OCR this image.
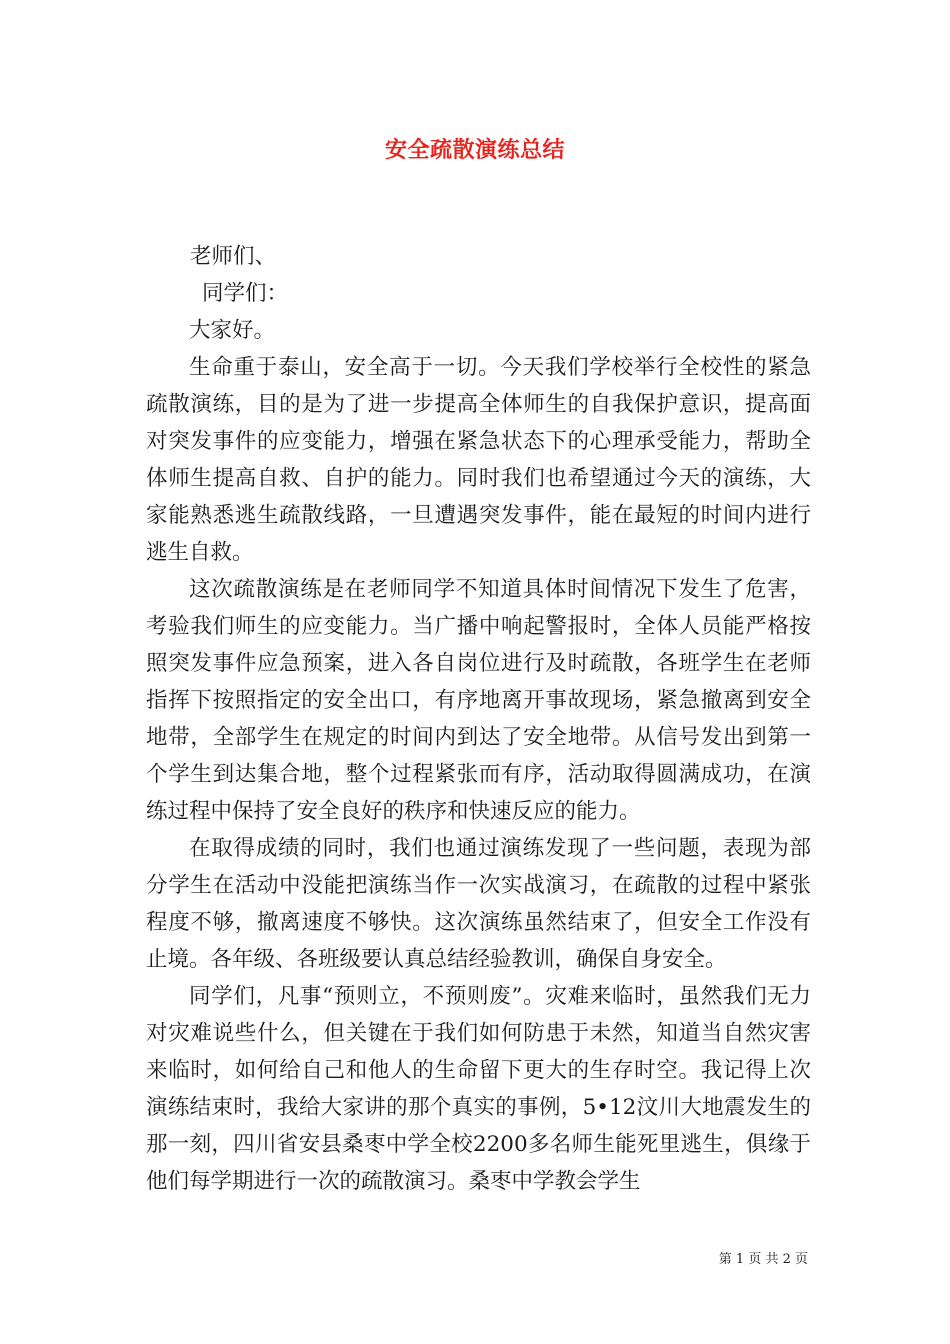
安全疏散演练总结

老师们、

同学们：

大家好。

生命重于泰山，安全高于一切。今天我们学校举行全校性的紧急疏散演练，目的是为了进一步提高全体师生的自我保护意识，提高面对突发事件的应变能力，增强在紧急状态下的心理承受能力，帮助全体师生提高自救、自护的能力。同时我们也希望通过今天的演练，大家能熟悉逃生疏散线路，一旦遭遇突发事件，能在最短的时间内进行逃生自救。

这次疏散演练是在老师同学不知道具体时间情况下发生了危害，考验我们师生的应变能力。当广播中响起警报时，全体人员能严格按照突发事件应急预案，进入各自岗位进行及时疏散，各班学生在老师指挥下按照指定的安全出口，有序地离开事故现场，紧急撤离到安全地带，全部学生在规定的时间内到达了安全地带。从信号发出到第一个学生到达集合地，整个过程紧张而有序，活动取得圆满成功，在演练过程中保持了安全良好的秩序和快速反应的能力。

在取得成绩的同时，我们也通过演练发现了一些问题，表现为部分学生在活动中没能把演练当作一次实战演习，在疏散的过程中紧张程度不够，撤离速度不够快。这次演练虽然结束了，但安全工作没有止境。各年级、各班级要认真总结经验教训，确保自身安全。

同学们，凡事“预则立，不预则废”。灾难来临时，虽然我们无力对灾难说些什么，但关键在于我们如何防患于未然，知道当自然灾害来临时，如何给自己和他人的生命留下更大的生存时空。我记得上次演练结束时，我给大家讲的那个真实的事例，5•12汶川大地震发生的那一刻，四川省安县桑枣中学全校2200多名师生能死里逃生，俱缘于他们每学期进行一次的疏散演习。桑枣中学教会学生

第 1 页 共 2 页
